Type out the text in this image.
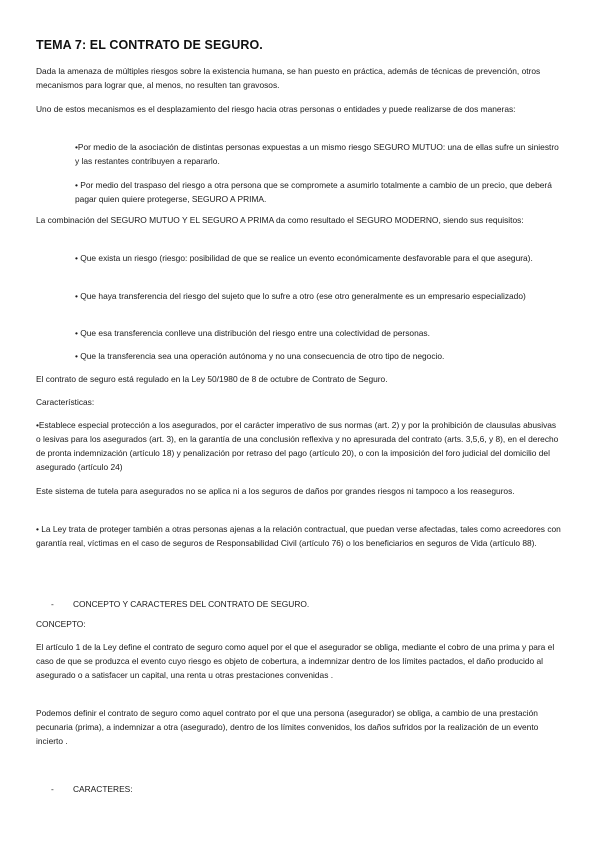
TEMA 7: EL CONTRATO DE SEGURO.

Dada la amenaza de múltiples riesgos sobre la existencia humana, se han puesto en práctica, además de técnicas de prevención, otros mecanismos para lograr que, al menos, no resulten tan gravosos.

Uno de estos mecanismos es el desplazamiento del riesgo hacia otras personas o entidades y puede realizarse de dos maneras:

•Por medio de la asociación de distintas personas expuestas a un mismo riesgo SEGURO MUTUO: una de ellas sufre un siniestro y las restantes contribuyen a repararlo.

• Por medio del traspaso del riesgo a otra persona que se compromete a asumirlo totalmente a cambio de un precio, que deberá pagar quien quiere protegerse, SEGURO A PRIMA.

La combinación del SEGURO MUTUO Y EL SEGURO A PRIMA da como resultado el SEGURO MODERNO, siendo sus requisitos:

• Que exista un riesgo (riesgo: posibilidad de que se realice un evento económicamente desfavorable para el que asegura).

• Que haya transferencia del riesgo del sujeto que lo sufre a otro (ese otro generalmente es un empresario especializado)

• Que esa transferencia conlleve una distribución del riesgo entre una colectividad de personas.

• Que la transferencia sea una operación autónoma y no una consecuencia de otro tipo de negocio.

El contrato de seguro está regulado en la Ley 50/1980 de 8 de octubre de Contrato de Seguro.

Características:

•Establece especial protección a los asegurados, por el carácter imperativo de sus normas (art. 2) y por la prohibición de clausulas abusivas o lesivas para los asegurados (art. 3), en la garantía de una conclusión reflexiva y no apresurada del contrato (arts. 3,5,6, y 8), en el derecho de pronta indemnización (artículo 18) y penalización por retraso del pago (artículo 20), o con la imposición del foro judicial del domicilio del asegurado (artículo 24)

Este sistema de tutela para asegurados no se aplica ni a los seguros de daños por grandes riesgos ni tampoco a los reaseguros.

• La Ley trata de proteger también a otras personas ajenas a la relación contractual, que puedan verse afectadas, tales como acreedores con garantía real, víctimas en el caso de seguros de Responsabilidad Civil (artículo 76) o los beneficiarios en seguros de Vida (artículo 88).

- CONCEPTO Y CARACTERES DEL CONTRATO DE SEGURO.

CONCEPTO:

El artículo 1 de la Ley define el contrato de seguro como aquel por el que el asegurador se obliga, mediante el cobro de una prima y para el caso de que se produzca el evento cuyo riesgo es objeto de cobertura, a indemnizar dentro de los límites pactados, el daño producido al asegurado o a satisfacer un capital, una renta u otras prestaciones convenidas .

Podemos definir el contrato de seguro como aquel contrato por el que una persona (asegurador) se obliga, a cambio de una prestación pecunaria (prima), a indemnizar a otra (asegurado), dentro de los límites convenidos, los daños sufridos por la realización de un evento incierto .

- CARACTERES:
